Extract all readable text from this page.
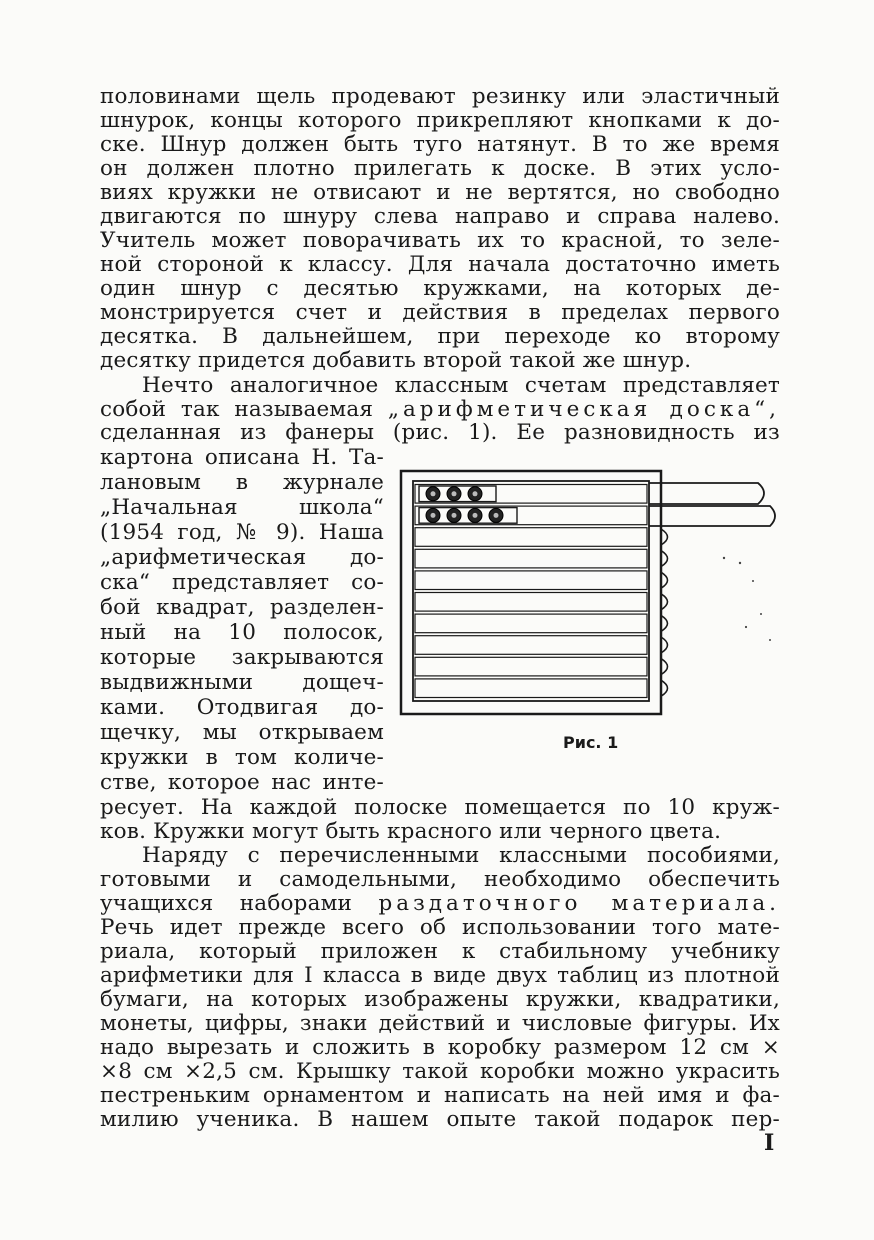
половинами щель продевают резинку или эластичный
шнурок, концы которого прикрепляют кнопками к до-
ске. Шнур должен быть туго натянут. В то же время
он должен плотно прилегать к доске. В этих усло-
виях кружки не отвисают и не вертятся, но свободно
двигаются по шнуру слева направо и справа налево.
Учитель может поворачивать их то красной, то зеле-
ной стороной к классу. Для начала достаточно иметь
один шнур с десятью кружками, на которых де-
монстрируется счет и действия в пределах первого
десятка. В дальнейшем, при переходе ко второму
десятку придется добавить второй такой же шнур.
Нечто аналогичное классным счетам представляет
собой так называемая „арифметическая доска“,
сделанная из фанеры (рис. 1). Ее разновидность из
картона описана Н. Та-
лановым в журнале
„Начальная школа“
(1954 год, № 9). Наша
„арифметическая до-
ска“ представляет со-
бой квадрат, разделен-
ный на 10 полосок,
которые закрываются
выдвижными дощеч-
ками. Отодвигая до-
щечку, мы открываем
кружки в том количе-
стве, которое нас инте-
Рис. 1
ресует. На каждой полоске помещается по 10 круж-
ков. Кружки могут быть красного или черного цвета.
Наряду с перечисленными классными пособиями,
готовыми и самодельными, необходимо обеспечить
учащихся наборами раздаточного материала.
Речь идет прежде всего об использовании того мате-
риала, который приложен к стабильному учебнику
арифметики для I класса в виде двух таблиц из плотной
бумаги, на которых изображены кружки, квадратики,
монеты, цифры, знаки действий и числовые фигуры. Их
надо вырезать и сложить в коробку размером 12 см ×
×8 см ×2,5 см. Крышку такой коробки можно украсить
пестреньким орнаментом и написать на ней имя и фа-
милию ученика. В нашем опыте такой подарок пер-
I
